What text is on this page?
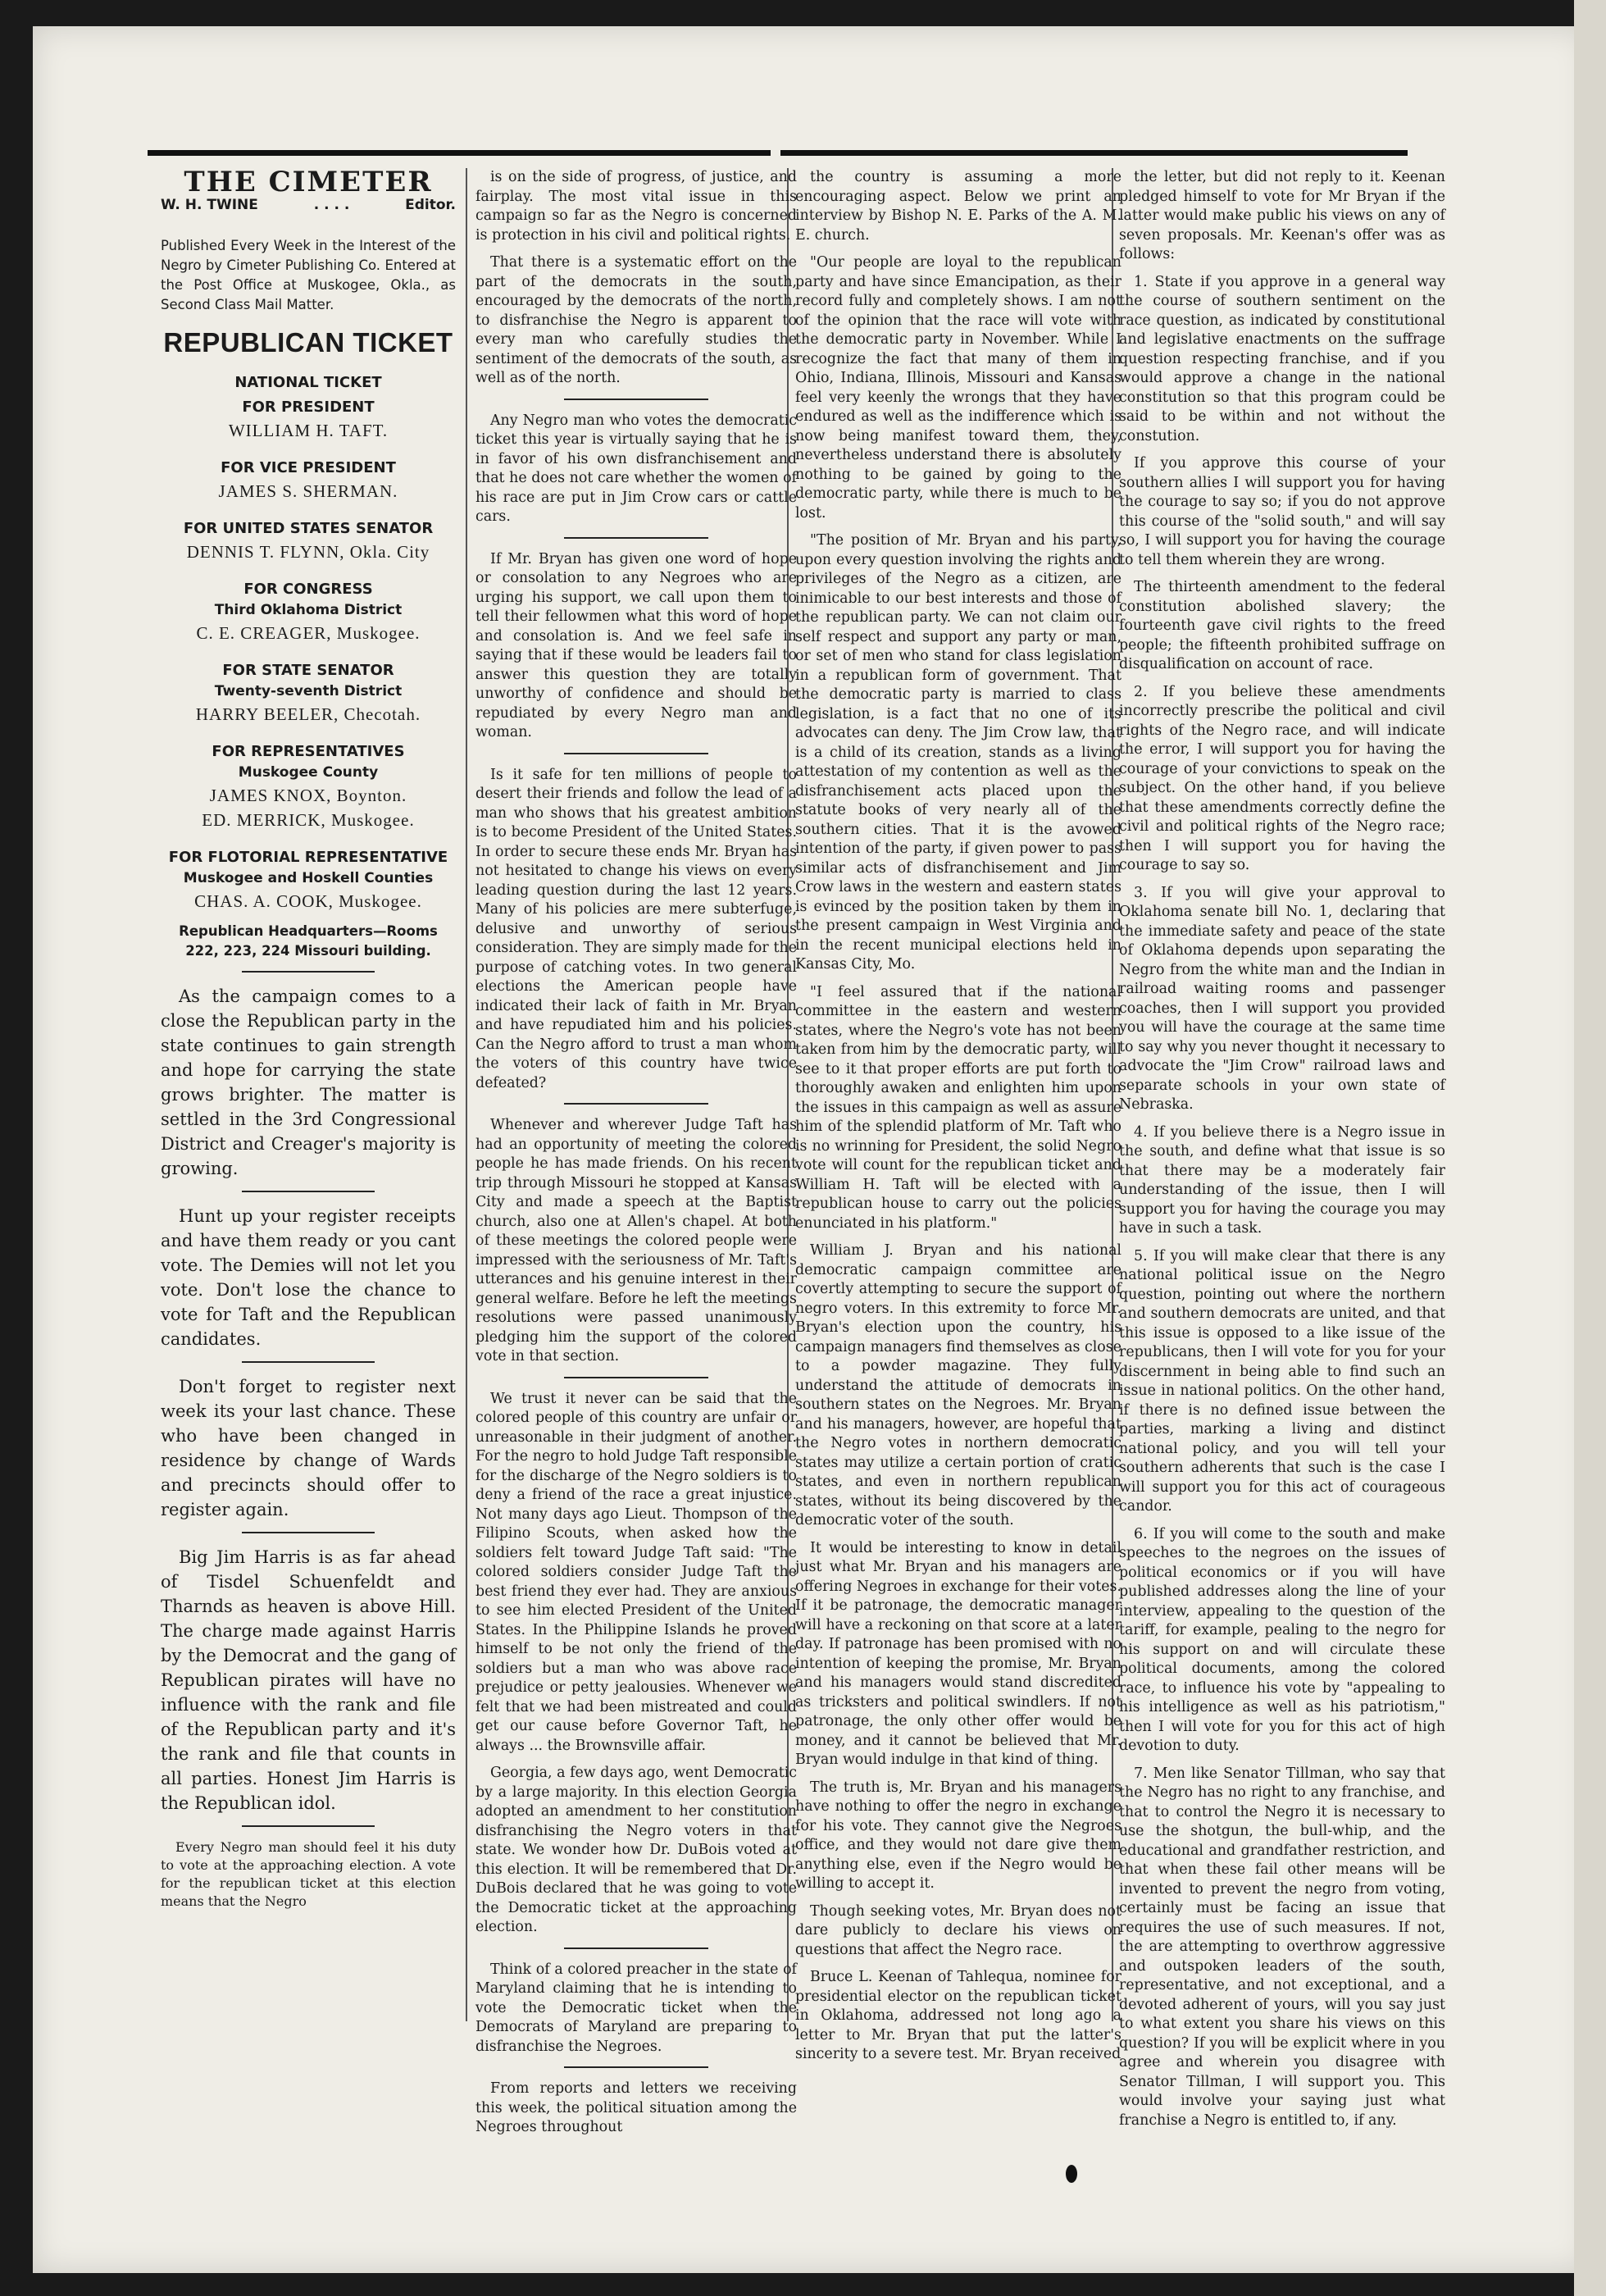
THE CIMETER
W. H. TWINE	. . . .	Editor.
Published Every Week in the Interest of the Negro by Cimeter Publishing Co. Entered at the Post Office at Muskogee, Okla., as Second Class Mail Matter.
REPUBLICAN TICKET
NATIONAL TICKET
FOR PRESIDENT
WILLIAM H. TAFT.
FOR VICE PRESIDENT
JAMES S. SHERMAN.
FOR UNITED STATES SENATOR
DENNIS T. FLYNN, Okla. City
FOR CONGRESS
Third Oklahoma District
C. E. CREAGER, Muskogee.
FOR STATE SENATOR
Twenty-seventh District
HARRY BEELER, Checotah.
FOR REPRESENTATIVES
Muskogee County
JAMES KNOX, Boynton.
ED. MERRICK, Muskogee.
FOR FLOTORIAL REPRESENTATIVE
Muskogee and Hoskell Counties
CHAS. A. COOK, Muskogee.
Republican Headquarters—Rooms 222, 223, 224 Missouri building.

As the campaign comes to a close the Republican party in the state continues to gain strength and hope for carrying the state grows brighter. The matter is settled in the 3rd Congressional District and Creager's majority is growing.

Hunt up your register receipts and have them ready or you cant vote. The Demies will not let you vote. Don't lose the chance to vote for Taft and the Republican candidates.

Don't forget to register next week its your last chance. These who have been changed in residence by change of Wards and precincts should offer to register again.

Big Jim Harris is as far ahead of Tisdel Schuenfeldt and Tharnds as heaven is above Hill. The charge made against Harris by the Democrat and the gang of Republican pirates will have no influence with the rank and file of the Republican party and it's the rank and file that counts in all parties. Honest Jim Harris is the Republican idol.

Every Negro man should feel it his duty to vote at the approaching election. A vote for the republican ticket at this election means that the Negro

is on the side of progress, of justice, and fairplay. The most vital issue in this campaign so far as the Negro is concerned is protection in his civil and political rights.

That there is a systematic effort on the part of the democrats in the south, encouraged by the democrats of the north, to disfranchise the Negro is apparent to every man who carefully studies the sentiment of the democrats of the south, as well as of the north.

Any Negro man who votes the democratic ticket this year is virtually saying that he is in favor of his own disfranchisement and that he does not care whether the women of his race are put in Jim Crow cars or cattle cars.

If Mr. Bryan has given one word of hope or consolation to any Negroes who are urging his support, we call upon them to tell their fellowmen what this word of hope and consolation is. And we feel safe in saying that if these would be leaders fail to answer this question they are totally unworthy of confidence and should be repudiated by every Negro man and woman.

Is it safe for ten millions of people to desert their friends and follow the lead of a man who shows that his greatest ambition is to become President of the United States. In order to secure these ends Mr. Bryan has not hesitated to change his views on every leading question during the last 12 years. Many of his policies are mere subterfuge, delusive and unworthy of serious consideration. They are simply made for the purpose of catching votes. In two general elections the American people have indicated their lack of faith in Mr. Bryan and have repudiated him and his policies. Can the Negro afford to trust a man whom the voters of this country have twice defeated?

Whenever and wherever Judge Taft has had an opportunity of meeting the colored people he has made friends. On his recent trip through Missouri he stopped at Kansas City and made a speech at the Baptist church, also one at Allen's chapel. At both of these meetings the colored people were impressed with the seriousness of Mr. Taft's utterances and his genuine interest in their general welfare. Before he left the meetings resolutions were passed unanimously pledging him the support of the colored vote in that section.

We trust it never can be said that the colored people of this country are unfair or unreasonable in their judgment of another. For the negro to hold Judge Taft responsible for the discharge of the Negro soldiers is to deny a friend of the race a great injustice. Not many days ago Lieut. Thompson of the Filipino Scouts, when asked how the soldiers felt toward Judge Taft said: "The colored soldiers consider Judge Taft the best friend they ever had. They are anxious to see him elected President of the United States. In the Philippine Islands he proved himself to be not only the friend of the soldiers but a man who was above race prejudice or petty jealousies. Whenever we felt that we had been mistreated and could get our cause before Governor Taft, he always ... the Brownsville affair.

Georgia, a few days ago, went Democratic by a large majority. In this election Georgia adopted an amendment to her constitution disfranchising the Negro voters in that state. We wonder how Dr. DuBois voted at this election. It will be remembered that Dr. DuBois declared that he was going to vote the Democratic ticket at the approaching election.

Think of a colored preacher in the state of Maryland claiming that he is intending to vote the Democratic ticket when the Democrats of Maryland are preparing to disfranchise the Negroes.

From reports and letters we receiving this week, the political situation among the Negroes throughout

the country is assuming a more encouraging aspect. Below we print an interview by Bishop N. E. Parks of the A. M. E. church.

"Our people are loyal to the republican party and have since Emancipation, as their record fully and completely shows. I am not of the opinion that the race will vote with the democratic party in November. While I recognize the fact that many of them in Ohio, Indiana, Illinois, Missouri and Kansas feel very keenly the wrongs that they have endured as well as the indifference which is now being manifest toward them, they, nevertheless understand there is absolutely nothing to be gained by going to the democratic party, while there is much to be lost.

"The position of Mr. Bryan and his party, upon every question involving the rights and privileges of the Negro as a citizen, are inimicable to our best interests and those of the republican party. We can not claim our self respect and support any party or man, or set of men who stand for class legislation in a republican form of government. That the democratic party is married to class legislation, is a fact that no one of its advocates can deny. The Jim Crow law, that is a child of its creation, stands as a living attestation of my contention as well as the disfranchisement acts placed upon the statute books of very nearly all of the southern cities. That it is the avowed intention of the party, if given power to pass similar acts of disfranchisement and Jim Crow laws in the western and eastern states is evinced by the position taken by them in the present campaign in West Virginia and in the recent municipal elections held in Kansas City, Mo.

"I feel assured that if the national committee in the eastern and western states, where the Negro's vote has not been taken from him by the democratic party, will see to it that proper efforts are put forth to thoroughly awaken and enlighten him upon the issues in this campaign as well as assure him of the splendid platform of Mr. Taft who is no wrinning for President, the solid Negro vote will count for the republican ticket and William H. Taft will be elected with a republican house to carry out the policies enunciated in his platform."

William J. Bryan and his national democratic campaign committee are covertly attempting to secure the support of negro voters. In this extremity to force Mr. Bryan's election upon the country, his campaign managers find themselves as close to a powder magazine. They fully understand the attitude of democrats in southern states on the Negroes. Mr. Bryan and his managers, however, are hopeful that the Negro votes in northern democratic states may utilize a certain portion of cratic states, and even in northern republican states, without its being discovered by the democratic voter of the south.

It would be interesting to know in detail just what Mr. Bryan and his managers are offering Negroes in exchange for their votes. If it be patronage, the democratic manager will have a reckoning on that score at a later day. If patronage has been promised with no intention of keeping the promise, Mr. Bryan and his managers would stand discredited as tricksters and political swindlers. If not patronage, the only other offer would be money, and it cannot be believed that Mr. Bryan would indulge in that kind of thing.

The truth is, Mr. Bryan and his managers have nothing to offer the negro in exchange for his vote. They cannot give the Negroes office, and they would not dare give them anything else, even if the Negro would be willing to accept it.

Though seeking votes, Mr. Bryan does not dare publicly to declare his views on questions that affect the Negro race.

Bruce L. Keenan of Tahlequa, nominee for presidential elector on the republican ticket in Oklahoma, addressed not long ago a letter to Mr. Bryan that put the latter's sincerity to a severe test. Mr. Bryan received

the letter, but did not reply to it. Keenan pledged himself to vote for Mr Bryan if the latter would make public his views on any of seven proposals. Mr. Keenan's offer was as follows:

1. State if you approve in a general way the course of southern sentiment on the race question, as indicated by constitutional and legislative enactments on the suffrage question respecting franchise, and if you would approve a change in the national constitution so that this program could be said to be within and not without the constution.

If you approve this course of your southern allies I will support you for having the courage to say so; if you do not approve this course of the "solid south," and will say so, I will support you for having the courage to tell them wherein they are wrong.

The thirteenth amendment to the federal constitution abolished slavery; the fourteenth gave civil rights to the freed people; the fifteenth prohibited suffrage on disqualification on account of race.

2. If you believe these amendments incorrectly prescribe the political and civil rights of the Negro race, and will indicate the error, I will support you for having the courage of your convictions to speak on the subject. On the other hand, if you believe that these amendments correctly define the civil and political rights of the Negro race; then I will support you for having the courage to say so.

3. If you will give your approval to Oklahoma senate bill No. 1, declaring that the immediate safety and peace of the state of Oklahoma depends upon separating the Negro from the white man and the Indian in railroad waiting rooms and passenger coaches, then I will support you provided you will have the courage at the same time to say why you never thought it necessary to advocate the "Jim Crow" railroad laws and separate schools in your own state of Nebraska.

4. If you believe there is a Negro issue in the south, and define what that issue is so that there may be a moderately fair understanding of the issue, then I will support you for having the courage you may have in such a task.

5. If you will make clear that there is any national political issue on the Negro question, pointing out where the northern and southern democrats are united, and that this issue is opposed to a like issue of the republicans, then I will vote for you for your discernment in being able to find such an issue in national politics. On the other hand, if there is no defined issue between the parties, marking a living and distinct national policy, and you will tell your southern adherents that such is the case I will support you for this act of courageous candor.

6. If you will come to the south and make speeches to the negroes on the issues of political economics or if you will have published addresses along the line of your interview, appealing to the question of the tariff, for example, pealing to the negro for his support on and will circulate these political documents, among the colored race, to influence his vote by "appealing to his intelligence as well as his patriotism," then I will vote for you for this act of high devotion to duty.

7. Men like Senator Tillman, who say that the Negro has no right to any franchise, and that to control the Negro it is necessary to use the shotgun, the bull-whip, and the educational and grandfather restriction, and that when these fail other means will be invented to prevent the negro from voting, certainly must be facing an issue that requires the use of such measures. If not, the are attempting to overthrow aggressive and outspoken leaders of the south, representative, and not exceptional, and a devoted adherent of yours, will you say just to what extent you share his views on this question? If you will be explicit where in you agree and wherein you disagree with Senator Tillman, I will support you. This would involve your saying just what franchise a Negro is entitled to, if any.
